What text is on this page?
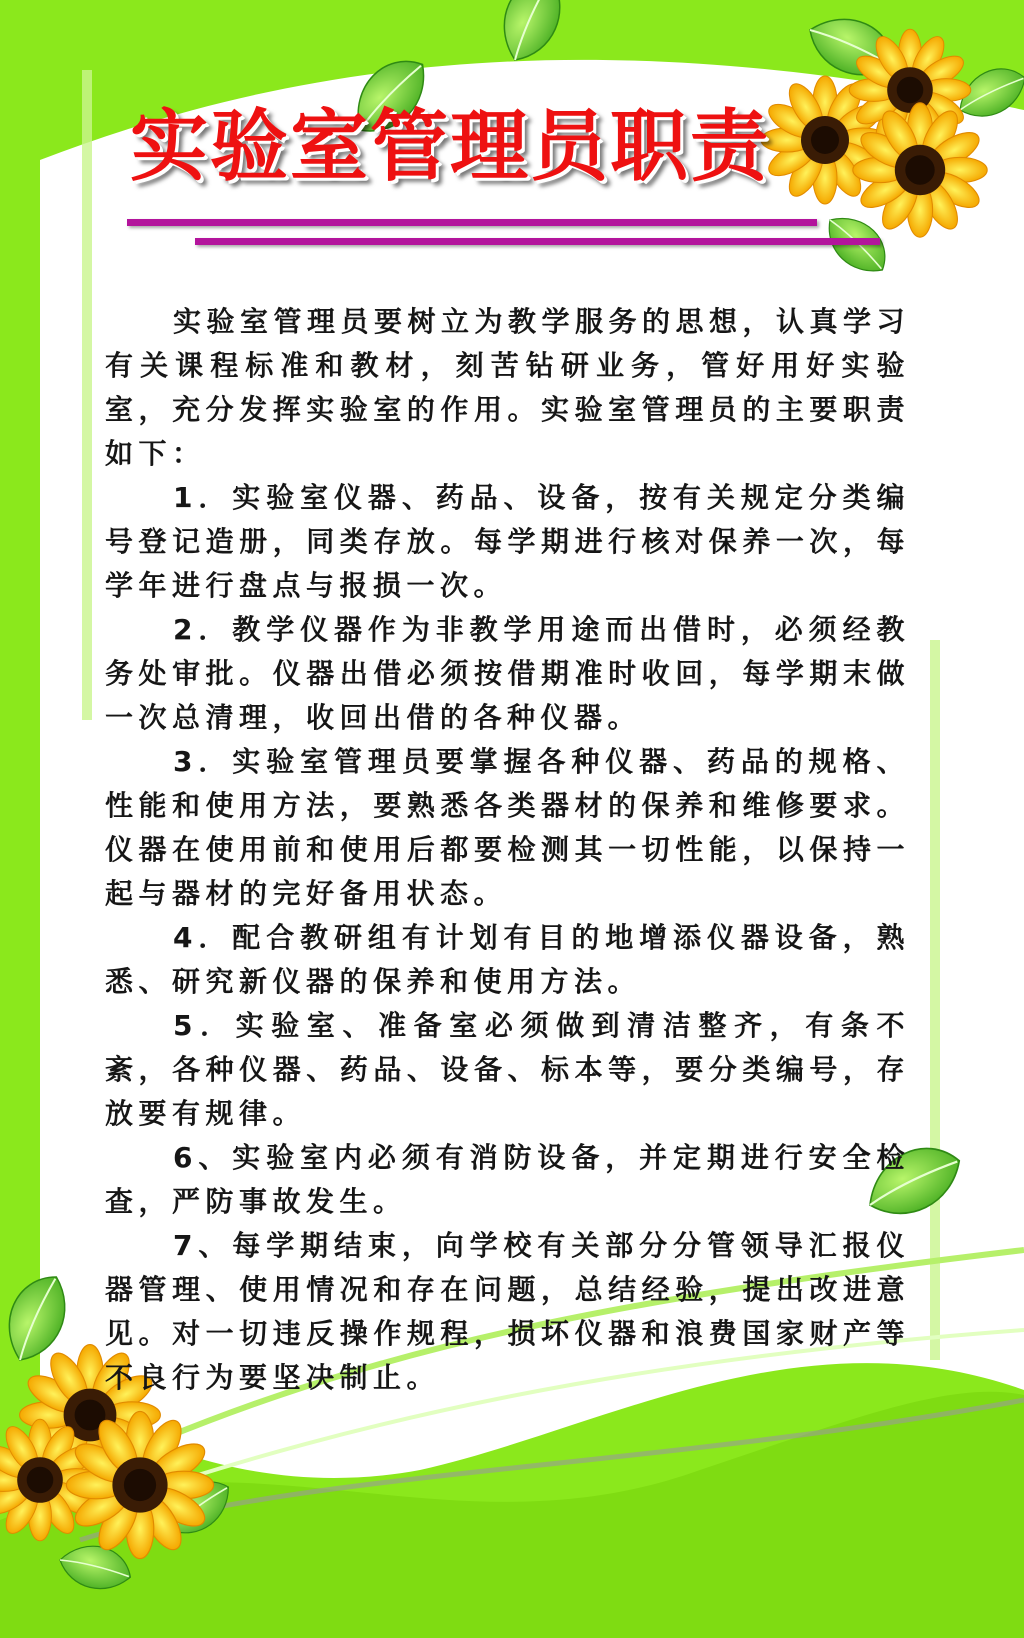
实验室管理员职责

实验室管理员要树立为教学服务的思想，认真学习有关课程标准和教材，刻苦钻研业务，管好用好实验室，充分发挥实验室的作用。实验室管理员的主要职责如下：

1．实验室仪器、药品、设备，按有关规定分类编号登记造册，同类存放。每学期进行核对保养一次，每学年进行盘点与报损一次。

2．教学仪器作为非教学用途而出借时，必须经教务处审批。仪器出借必须按借期准时收回，每学期末做一次总清理，收回出借的各种仪器。

3．实验室管理员要掌握各种仪器、药品的规格、性能和使用方法，要熟悉各类器材的保养和维修要求。仪器在使用前和使用后都要检测其一切性能，以保持一起与器材的完好备用状态。

4．配合教研组有计划有目的地增添仪器设备，熟悉、研究新仪器的保养和使用方法。

5．实验室、准备室必须做到清洁整齐，有条不紊，各种仪器、药品、设备、标本等，要分类编号，存放要有规律。

6、实验室内必须有消防设备，并定期进行安全检查，严防事故发生。

7、每学期结束，向学校有关部分分管领导汇报仪器管理、使用情况和存在问题，总结经验，提出改进意见。对一切违反操作规程，损坏仪器和浪费国家财产等不良行为要坚决制止。
